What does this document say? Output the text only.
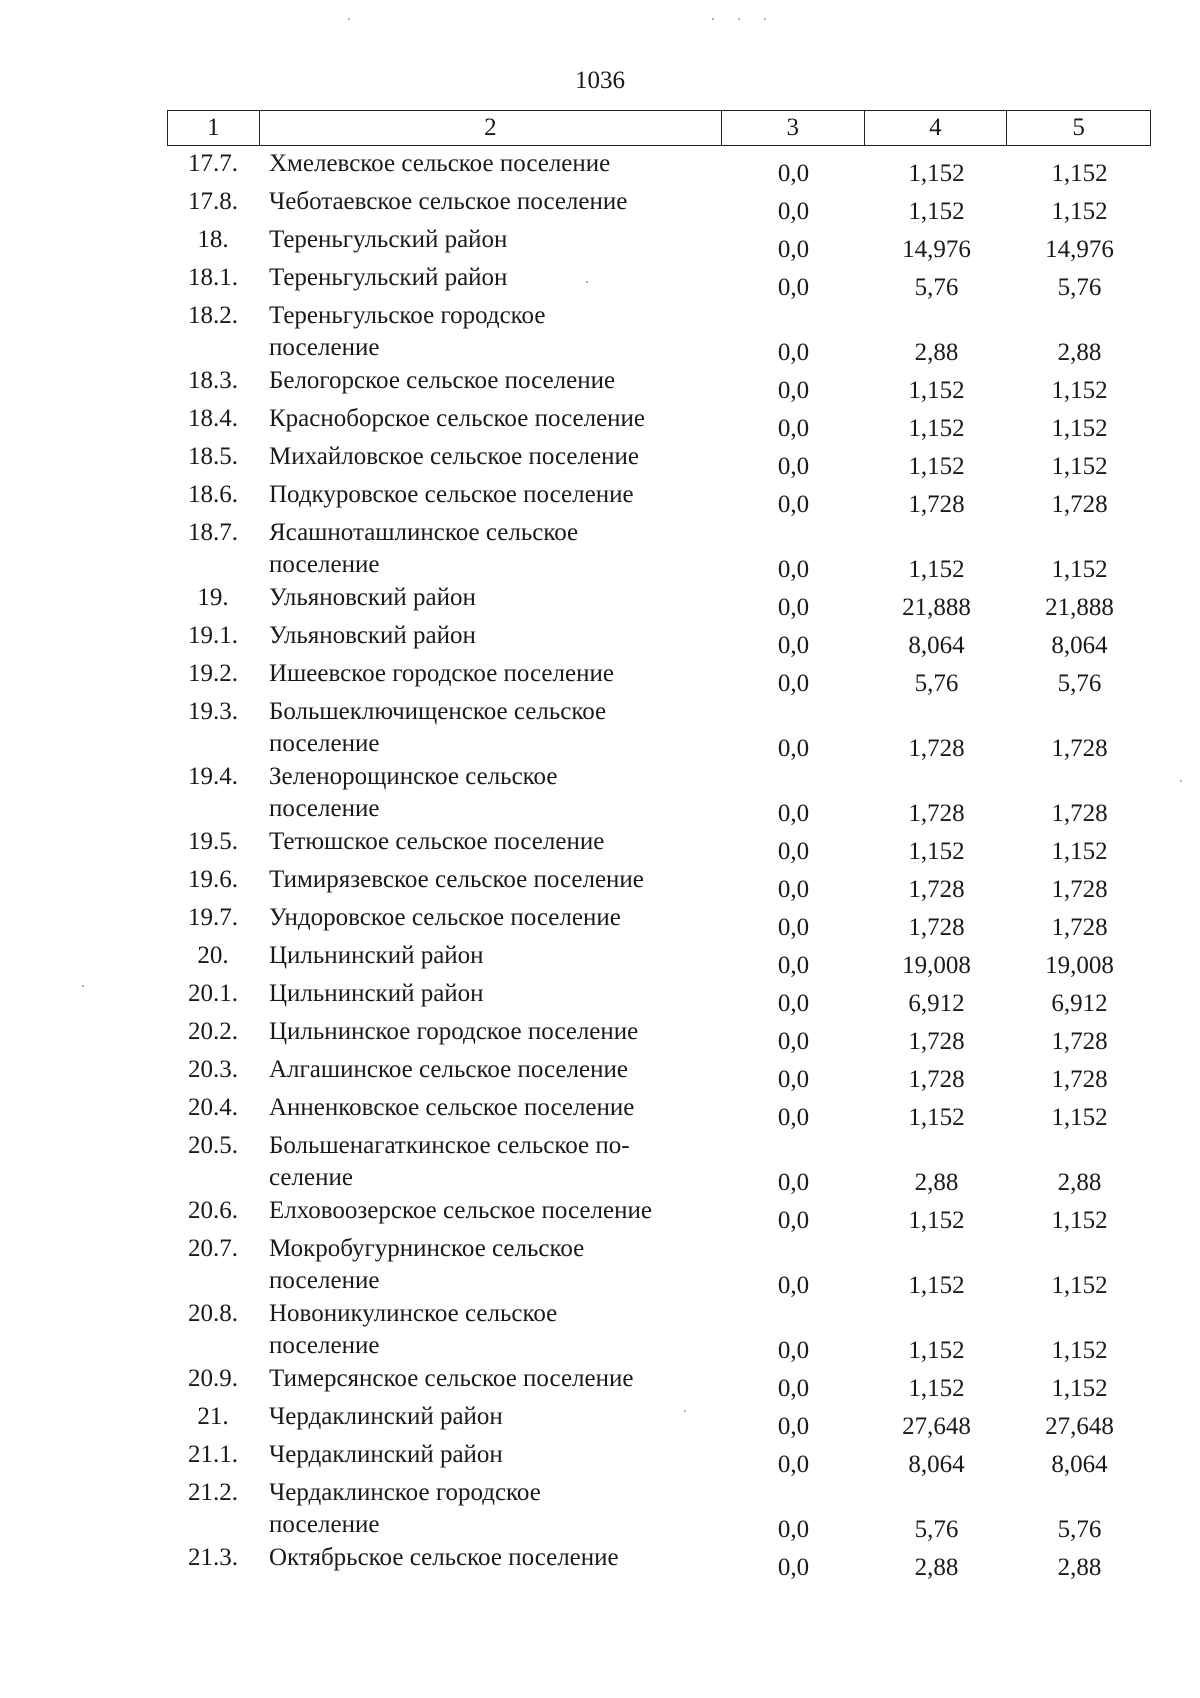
1036
1	2	3	4	5
17.7.	Хмелевское сельское поселение	0,0	1,152	1,152
17.8.	Чеботаевское сельское поселение	0,0	1,152	1,152
18.	Тереньгульский район	0,0	14,976	14,976
18.1.	Тереньгульский район	0,0	5,76	5,76
18.2.	Тереньгульское городское
поселение	0,0	2,88	2,88
18.3.	Белогорское сельское поселение	0,0	1,152	1,152
18.4.	Красноборское сельское поселение	0,0	1,152	1,152
18.5.	Михайловское сельское поселение	0,0	1,152	1,152
18.6.	Подкуровское сельское поселение	0,0	1,728	1,728
18.7.	Ясашноташлинское сельское
поселение	0,0	1,152	1,152
19.	Ульяновский район	0,0	21,888	21,888
19.1.	Ульяновский район	0,0	8,064	8,064
19.2.	Ишеевское городское поселение	0,0	5,76	5,76
19.3.	Большеключищенское сельское
поселение	0,0	1,728	1,728
19.4.	Зеленорощинское сельское
поселение	0,0	1,728	1,728
19.5.	Тетюшское сельское поселение	0,0	1,152	1,152
19.6.	Тимирязевское сельское поселение	0,0	1,728	1,728
19.7.	Ундоровское сельское поселение	0,0	1,728	1,728
20.	Цильнинский район	0,0	19,008	19,008
20.1.	Цильнинский район	0,0	6,912	6,912
20.2.	Цильнинское городское поселение	0,0	1,728	1,728
20.3.	Алгашинское сельское поселение	0,0	1,728	1,728
20.4.	Анненковское сельское поселение	0,0	1,152	1,152
20.5.	Большенагаткинское сельское по-
селение	0,0	2,88	2,88
20.6.	Елховоозерское сельское поселение	0,0	1,152	1,152
20.7.	Мокробугурнинское сельское
поселение	0,0	1,152	1,152
20.8.	Новоникулинское сельское
поселение	0,0	1,152	1,152
20.9.	Тимерсянское сельское поселение	0,0	1,152	1,152
21.	Чердаклинский район	0,0	27,648	27,648
21.1.	Чердаклинский район	0,0	8,064	8,064
21.2.	Чердаклинское городское
поселение	0,0	5,76	5,76
21.3.	Октябрьское сельское поселение	0,0	2,88	2,88
